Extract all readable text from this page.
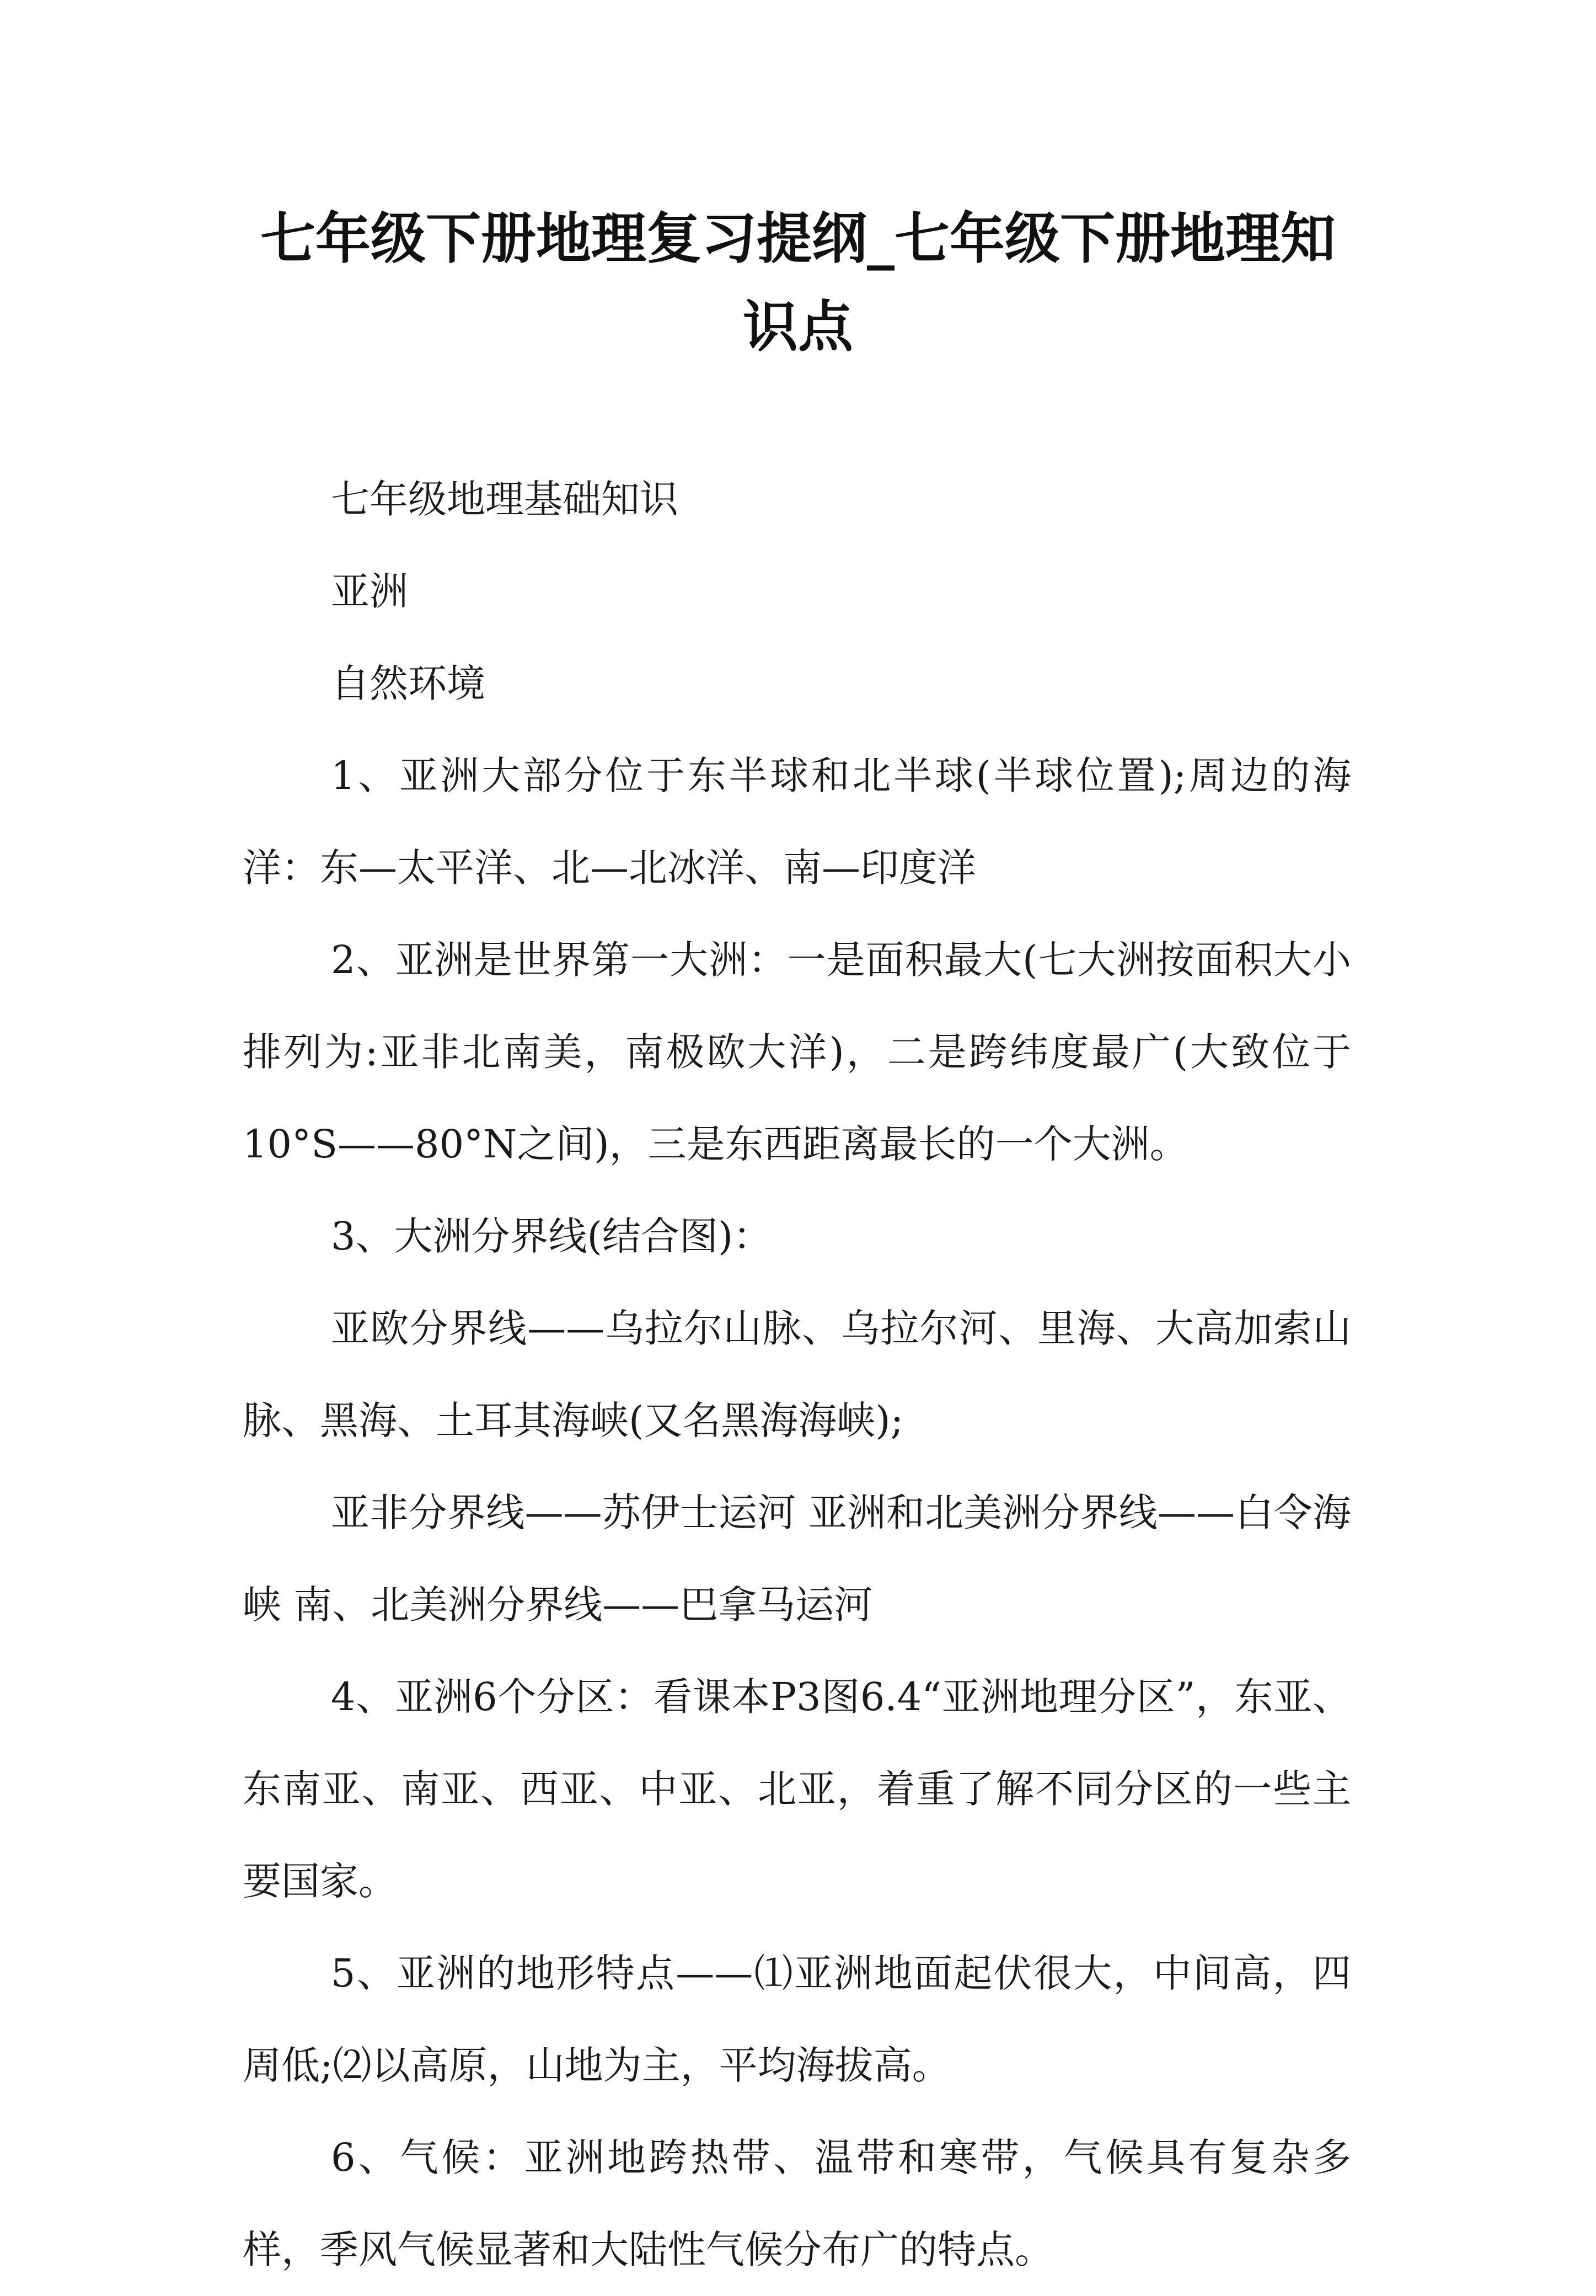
七年级下册地理复习提纲_七年级下册地理知识点

七年级地理基础知识

亚洲

自然环境

1、亚洲大部分位于东半球和北半球(半球位置);周边的海洋：东—太平洋、北—北冰洋、南—印度洋

2、亚洲是世界第一大洲：一是面积最大(七大洲按面积大小排列为:亚非北南美，南极欧大洋)，二是跨纬度最广(大致位于10°S——80°N之间)，三是东西距离最长的一个大洲。

3、大洲分界线(结合图)：

亚欧分界线——乌拉尔山脉、乌拉尔河、里海、大高加索山脉、黑海、土耳其海峡(又名黑海海峡);

亚非分界线——苏伊士运河 亚洲和北美洲分界线——白令海峡 南、北美洲分界线——巴拿马运河

4、亚洲6个分区：看课本P3图6.4“亚洲地理分区”，东亚、东南亚、南亚、西亚、中亚、北亚，着重了解不同分区的一些主要国家。

5、亚洲的地形特点——⑴亚洲地面起伏很大，中间高，四周低;⑵以高原，山地为主，平均海拔高。

6、气候：亚洲地跨热带、温带和寒带，气候具有复杂多样，季风气候显著和大陆性气候分布广的特点。
